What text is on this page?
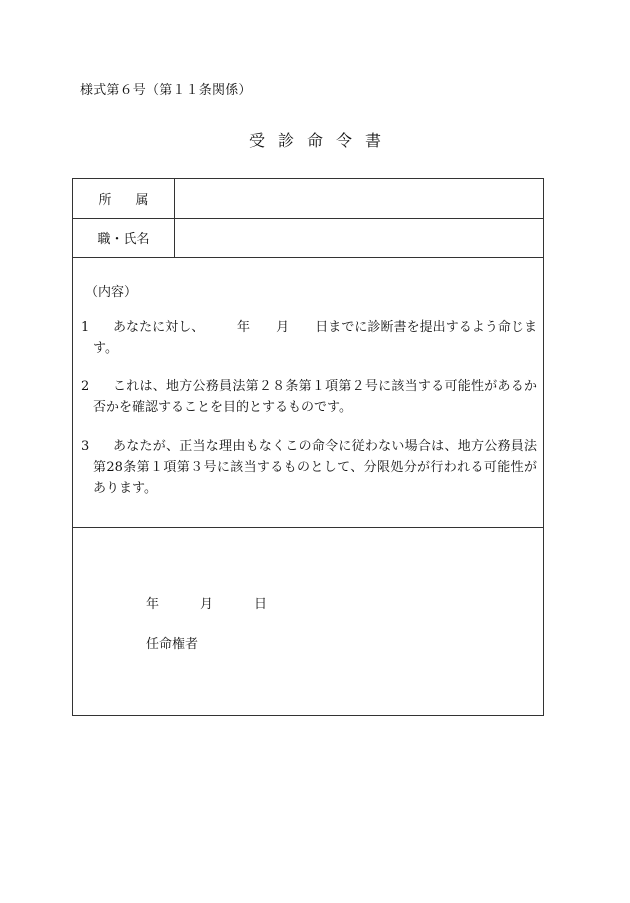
様式第６号（第１１条関係）
受診命令書
所属
職・氏名
（内容）
1	あなたに対し、　　　年　　月　　日までに診断書を提出するよう命じます。
2	これは、地方公務員法第２８条第１項第２号に該当する可能性があるか否かを確認することを目的とするものです。
3	あなたが、正当な理由もなくこの命令に従わない場合は、地方公務員法第28条第１項第３号に該当するものとして、分限処分が行われる可能性があります。
年	月	日
任命権者
